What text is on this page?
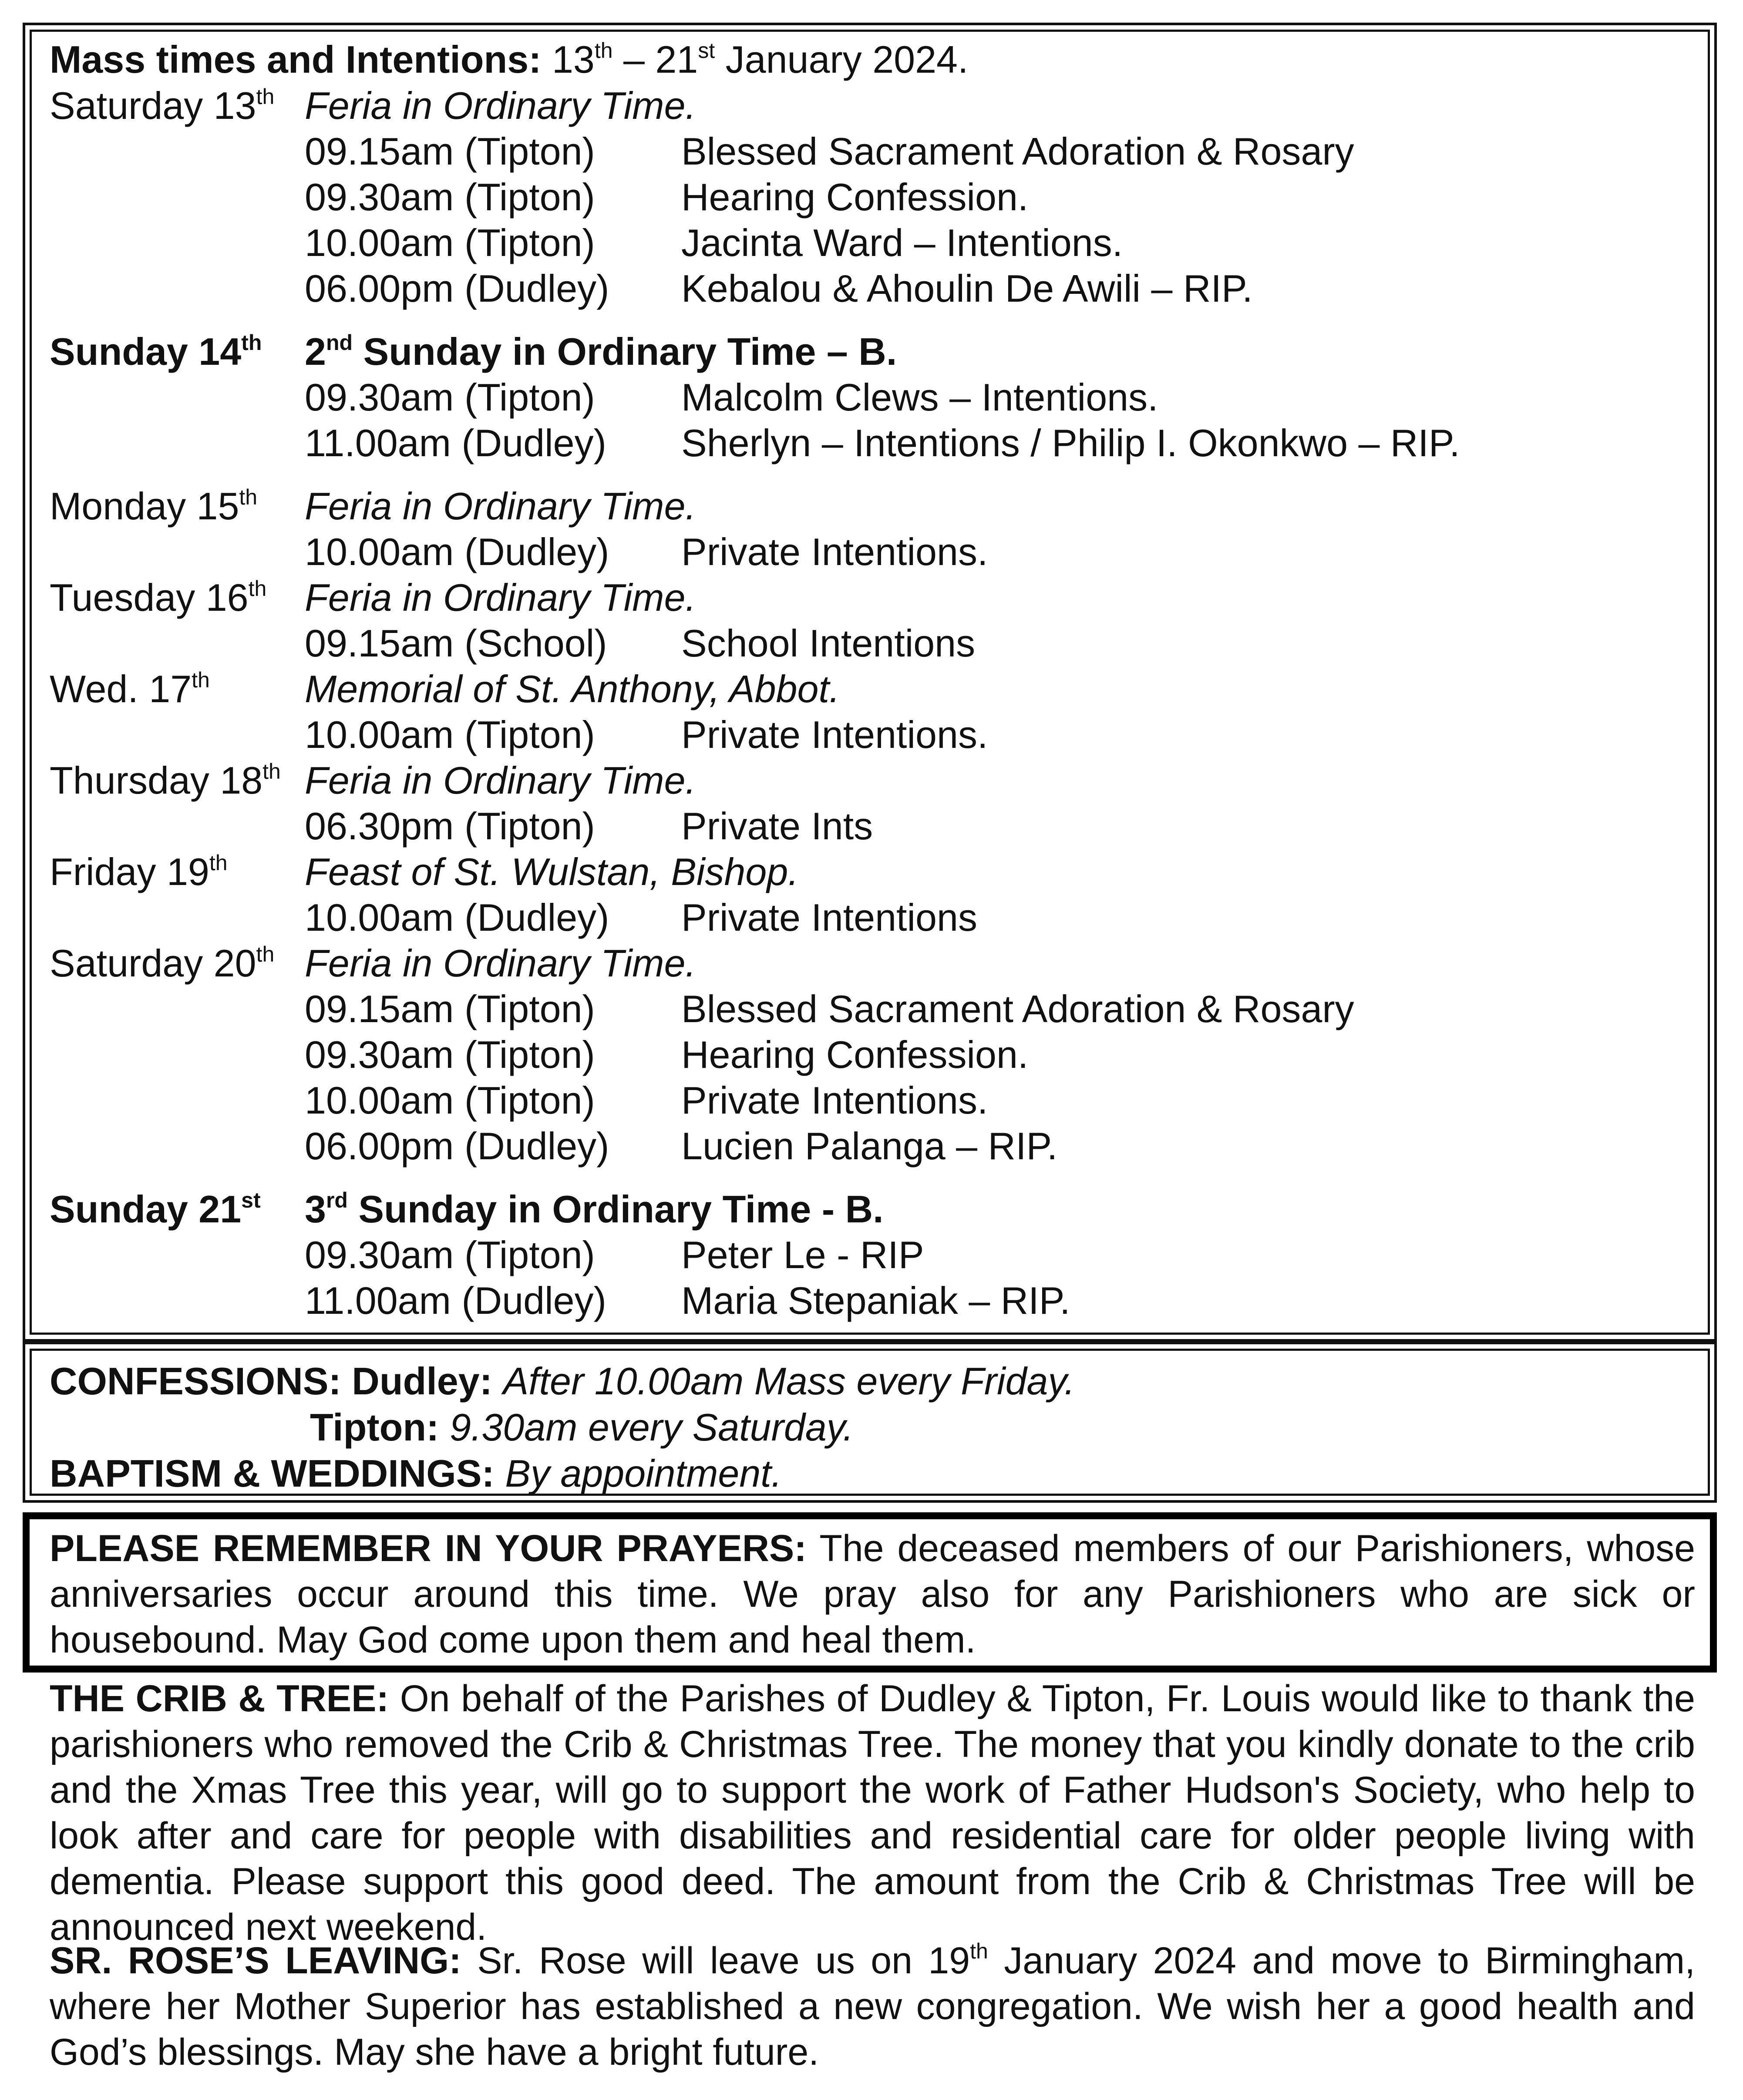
Mass times and Intentions: 13th – 21st January 2024.
Saturday 13th Feria in Ordinary Time.
09.15am (Tipton) Blessed Sacrament Adoration & Rosary
09.30am (Tipton) Hearing Confession.
10.00am (Tipton) Jacinta Ward – Intentions.
06.00pm (Dudley) Kebalou & Ahoulin De Awili – RIP.
Sunday 14th 2nd Sunday in Ordinary Time – B.
09.30am (Tipton) Malcolm Clews – Intentions.
11.00am (Dudley) Sherlyn – Intentions / Philip I. Okonkwo – RIP.
Monday 15th Feria in Ordinary Time.
10.00am (Dudley) Private Intentions.
Tuesday 16th Feria in Ordinary Time.
09.15am (School) School Intentions
Wed. 17th Memorial of St. Anthony, Abbot.
10.00am (Tipton) Private Intentions.
Thursday 18th Feria in Ordinary Time.
06.30pm (Tipton) Private Ints
Friday 19th Feast of St. Wulstan, Bishop.
10.00am (Dudley) Private Intentions
Saturday 20th Feria in Ordinary Time.
09.15am (Tipton) Blessed Sacrament Adoration & Rosary
09.30am (Tipton) Hearing Confession.
10.00am (Tipton) Private Intentions.
06.00pm (Dudley) Lucien Palanga – RIP.
Sunday 21st 3rd Sunday in Ordinary Time - B.
09.30am (Tipton) Peter Le - RIP
11.00am (Dudley) Maria Stepaniak – RIP.
CONFESSIONS: Dudley: After 10.00am Mass every Friday.
Tipton: 9.30am every Saturday.
BAPTISM & WEDDINGS: By appointment.
PLEASE REMEMBER IN YOUR PRAYERS: The deceased members of our Parishioners, whose anniversaries occur around this time. We pray also for any Parishioners who are sick or housebound. May God come upon them and heal them.
THE CRIB & TREE: On behalf of the Parishes of Dudley & Tipton, Fr. Louis would like to thank the parishioners who removed the Crib & Christmas Tree. The money that you kindly donate to the crib and the Xmas Tree this year, will go to support the work of Father Hudson's Society, who help to look after and care for people with disabilities and residential care for older people living with dementia. Please support this good deed. The amount from the Crib & Christmas Tree will be announced next weekend.
SR. ROSE’S LEAVING: Sr. Rose will leave us on 19th January 2024 and move to Birmingham, where her Mother Superior has established a new congregation. We wish her a good health and God’s blessings. May she have a bright future.
